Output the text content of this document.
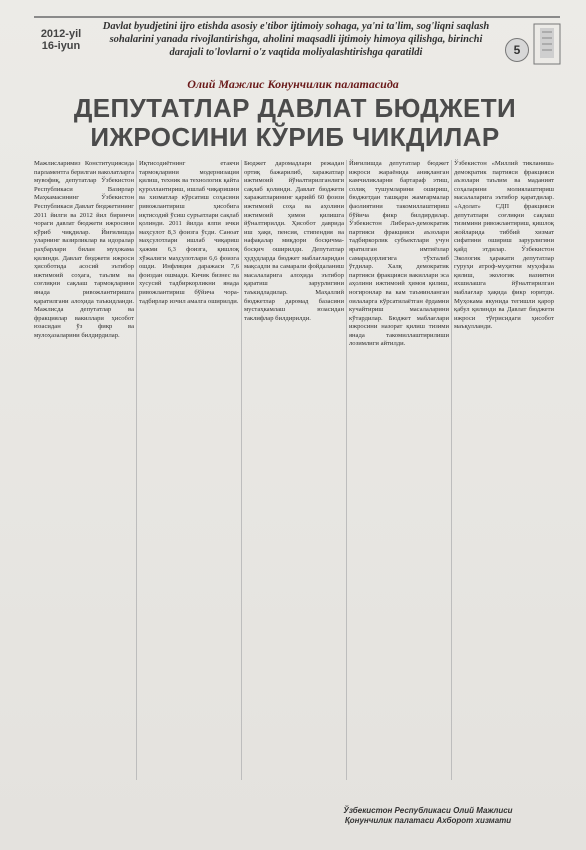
2012-yil
16-iyun
Davlat byudjetini ijro etishda asosiy e'tibor ijtimoiy sohaga, ya'ni ta'lim, sog'liqni saqlash sohalarini yanada rivojlantirishga, aholini maqsadli ijtimoiy himoya qilishga, birinchi darajali to'lovlarni o'z vaqtida moliyalashtirishga qaratildi	5
Олий Мажлис Конунчилик палатасида
ДЕПУТАТЛАР ДАВЛАТ БЮДЖЕТИ ИЖРОСИНИ КЎРИБ ЧИКДИЛАР

Мажлисларимиз Конституциясида парламентга берилган ваколатларга мувофиқ, депутатлар Ўзбекистон Республикаси Вазирлар Маҳкамасининг Ўзбекистон Республикаси Давлат бюджетининг 2011 йилги ва 2012 йил биринчи чораги давлат бюджети ижросини кўриб чиқдилар. Йиғилишда уларнинг вазирликлар ва идоралар раҳбарлари билан муҳокама қилинди. Давлат бюджети ижроси ҳисоботида асосий эътибор ижтимоий соҳага, таълим ва соғлиқни сақлаш тармоқларини янада ривожлантиришга қаратилгани алоҳида таъкидланди. Мажлисда депутатлар ва фракциялар вакиллари ҳисобот юзасидан ўз фикр ва мулоҳазаларини билдирдилар.

Иқтисодиётнинг етакчи тармоқларини модернизация қилиш, техник ва технологик қайта қуроллантириш, ишлаб чиқаришни ва хизматлар кўрсатиш соҳасини ривожлантириш ҳисобига иқтисодий ўсиш суръатлари сақлаб қолинди. 2011 йилда ялпи ички маҳсулот 8,3 фоизга ўсди. Саноат маҳсулотлари ишлаб чиқариш ҳажми 6,3 фоизга, қишлоқ хўжалиги маҳсулотлари 6,6 фоизга ошди. Инфляция даражаси 7,6 фоиздан ошмади. Кичик бизнес ва хусусий тадбиркорликни янада ривожлантириш бўйича чора-тадбирлар изчил амалга оширилди.

Бюджет даромадлари режадан ортиқ бажарилиб, харажатлар ижтимоий йўналтирилганлиги сақлаб қолинди. Давлат бюджети харажатларининг қарийб 60 фоизи ижтимоий соҳа ва аҳолини ижтимоий ҳимоя қилишга йўналтирилди. Ҳисобот даврида иш ҳақи, пенсия, стипендия ва нафақалар миқдори босқичма-босқич оширилди. Депутатлар ҳудудларда бюджет маблағларидан мақсадли ва самарали фойдаланиш масалаларига алоҳида эътибор қаратиш зарурлигини таъкидладилар. Маҳаллий бюджетлар даромад базасини мустаҳкамлаш юзасидан таклифлар билдирилди.

Йиғилишда депутатлар бюджет ижроси жараёнида аниқланган камчиликларни бартараф этиш, солиқ тушумларини ошириш, бюджетдан ташқари жамғармалар фаолиятини такомиллаштириш бўйича фикр билдирдилар. Ўзбекистон Либерал-демократик партияси фракцияси аъзолари тадбиркорлик субъектлари учун яратилган имтиёзлар самарадорлигига тўхталиб ўтдилар. Халқ демократик партияси фракцияси вакиллари эса аҳолини ижтимоий ҳимоя қилиш, ногиронлар ва кам таъминланган оилаларга кўрсатилаётган ёрдамни кучайтириш масалаларини кўтардилар. Бюджет маблағлари ижросини назорат қилиш тизими янада такомиллаштирилиши лозимлиги айтилди.

Ўзбекистон «Миллий тикланиш» демократик партияси фракцияси аъзолари таълим ва маданият соҳаларини молиялаштириш масалаларига эътибор қаратдилар. «Адолат» СДП фракцияси депутатлари соғлиқни сақлаш тизимини ривожлантириш, қишлоқ жойларида тиббий хизмат сифатини ошириш зарурлигини қайд этдилар. Ўзбекистон Экологик ҳаракати депутатлар гуруҳи атроф-муҳитни муҳофаза қилиш, экологик вазиятни яхшилашга йўналтирилган маблағлар ҳақида фикр юритди. Муҳокама якунида тегишли қарор қабул қилинди ва Давлат бюджети ижроси тўғрисидаги ҳисобот маъқулланди.

Ўзбекистон Республикаси Олий Мажлиси
Қонунчилик палатаси Ахборот хизмати
